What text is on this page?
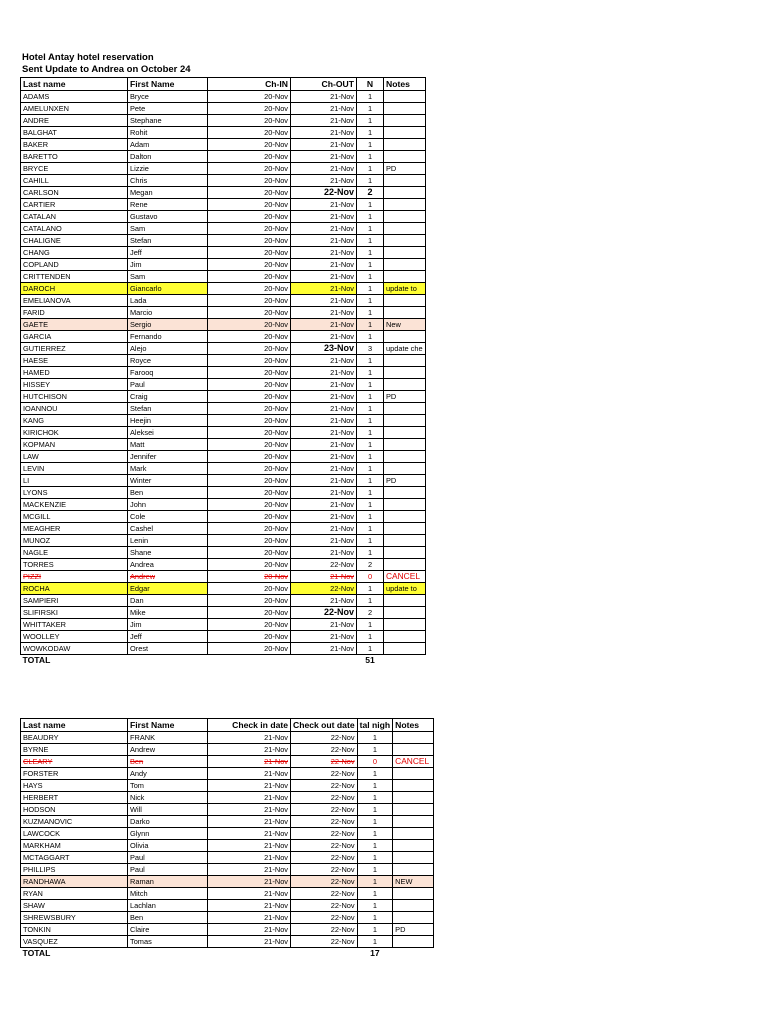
Hotel Antay hotel reservation
Sent Update to Andrea on October 24
Last name	First Name	Ch-IN	Ch-OUT	N	Notes
ADAMS	Bryce	20-Nov	21-Nov	1	
AMELUNXEN	Pete	20-Nov	21-Nov	1	
ANDRE	Stephane	20-Nov	21-Nov	1	
BALGHAT	Rohit	20-Nov	21-Nov	1	
BAKER	Adam	20-Nov	21-Nov	1	
BARETTO	Dalton	20-Nov	21-Nov	1	
BRYCE	Lizzie	20-Nov	21-Nov	1	PD
CAHILL	Chris	20-Nov	21-Nov	1	
CARLSON	Megan	20-Nov	22-Nov	2	
CARTIER	Rene	20-Nov	21-Nov	1	
CATALAN	Gustavo	20-Nov	21-Nov	1	
CATALANO	Sam	20-Nov	21-Nov	1	
CHALIGNE	Stefan	20-Nov	21-Nov	1	
CHANG	Jeff	20-Nov	21-Nov	1	
COPLAND	Jim	20-Nov	21-Nov	1	
CRITTENDEN	Sam	20-Nov	21-Nov	1	
DAROCH	Giancarlo	20-Nov	21-Nov	1	update to
EMELIANOVA	Lada	20-Nov	21-Nov	1	
FARID	Marcio	20-Nov	21-Nov	1	
GAETE	Sergio	20-Nov	21-Nov	1	New
GARCIA	Fernando	20-Nov	21-Nov	1	
GUTIERREZ	Alejo	20-Nov	23-Nov	3	update che
HAESE	Royce	20-Nov	21-Nov	1	
HAMED	Farooq	20-Nov	21-Nov	1	
HISSEY	Paul	20-Nov	21-Nov	1	
HUTCHISON	Craig	20-Nov	21-Nov	1	PD
IOANNOU	Stefan	20-Nov	21-Nov	1	
KANG	Heejin	20-Nov	21-Nov	1	
KIRICHOK	Aleksei	20-Nov	21-Nov	1	
KOPMAN	Matt	20-Nov	21-Nov	1	
LAW	Jennifer	20-Nov	21-Nov	1	
LEVIN	Mark	20-Nov	21-Nov	1	
LI	Winter	20-Nov	21-Nov	1	PD
LYONS	Ben	20-Nov	21-Nov	1	
MACKENZIE	John	20-Nov	21-Nov	1	
MCGILL	Cole	20-Nov	21-Nov	1	
MEAGHER	Cashel	20-Nov	21-Nov	1	
MUNOZ	Lenin	20-Nov	21-Nov	1	
NAGLE	Shane	20-Nov	21-Nov	1	
TORRES	Andrea	20-Nov	22-Nov	2	
PIZZI	Andrew	20-Nov	21-Nov	0	CANCEL
ROCHA	Edgar	20-Nov	22-Nov	1	update to
SAMPIERI	Dan	20-Nov	21-Nov	1	
SLIFIRSKI	Mike	20-Nov	22-Nov	2	
WHITTAKER	Jim	20-Nov	21-Nov	1	
WOOLLEY	Jeff	20-Nov	21-Nov	1	
WOWKODAW	Orest	20-Nov	21-Nov	1	
TOTAL				51	
Last name	First Name	Check in date	Check out date	tal nigh	Notes
BEAUDRY	FRANK	21-Nov	22-Nov	1	
BYRNE	Andrew	21-Nov	22-Nov	1	
CLEARY	Ben	21-Nov	22-Nov	0	CANCEL
FORSTER	Andy	21-Nov	22-Nov	1	
HAYS	Tom	21-Nov	22-Nov	1	
HERBERT	Nick	21-Nov	22-Nov	1	
HODSON	Will	21-Nov	22-Nov	1	
KUZMANOVIC	Darko	21-Nov	22-Nov	1	
LAWCOCK	Glynn	21-Nov	22-Nov	1	
MARKHAM	Olivia	21-Nov	22-Nov	1	
MCTAGGART	Paul	21-Nov	22-Nov	1	
PHILLIPS	Paul	21-Nov	22-Nov	1	
RANDHAWA	Raman	21-Nov	22-Nov	1	NEW
RYAN	Mitch	21-Nov	22-Nov	1	
SHAW	Lachlan	21-Nov	22-Nov	1	
SHREWSBURY	Ben	21-Nov	22-Nov	1	
TONKIN	Claire	21-Nov	22-Nov	1	PD
VASQUEZ	Tomas	21-Nov	22-Nov	1	
TOTAL				17	
